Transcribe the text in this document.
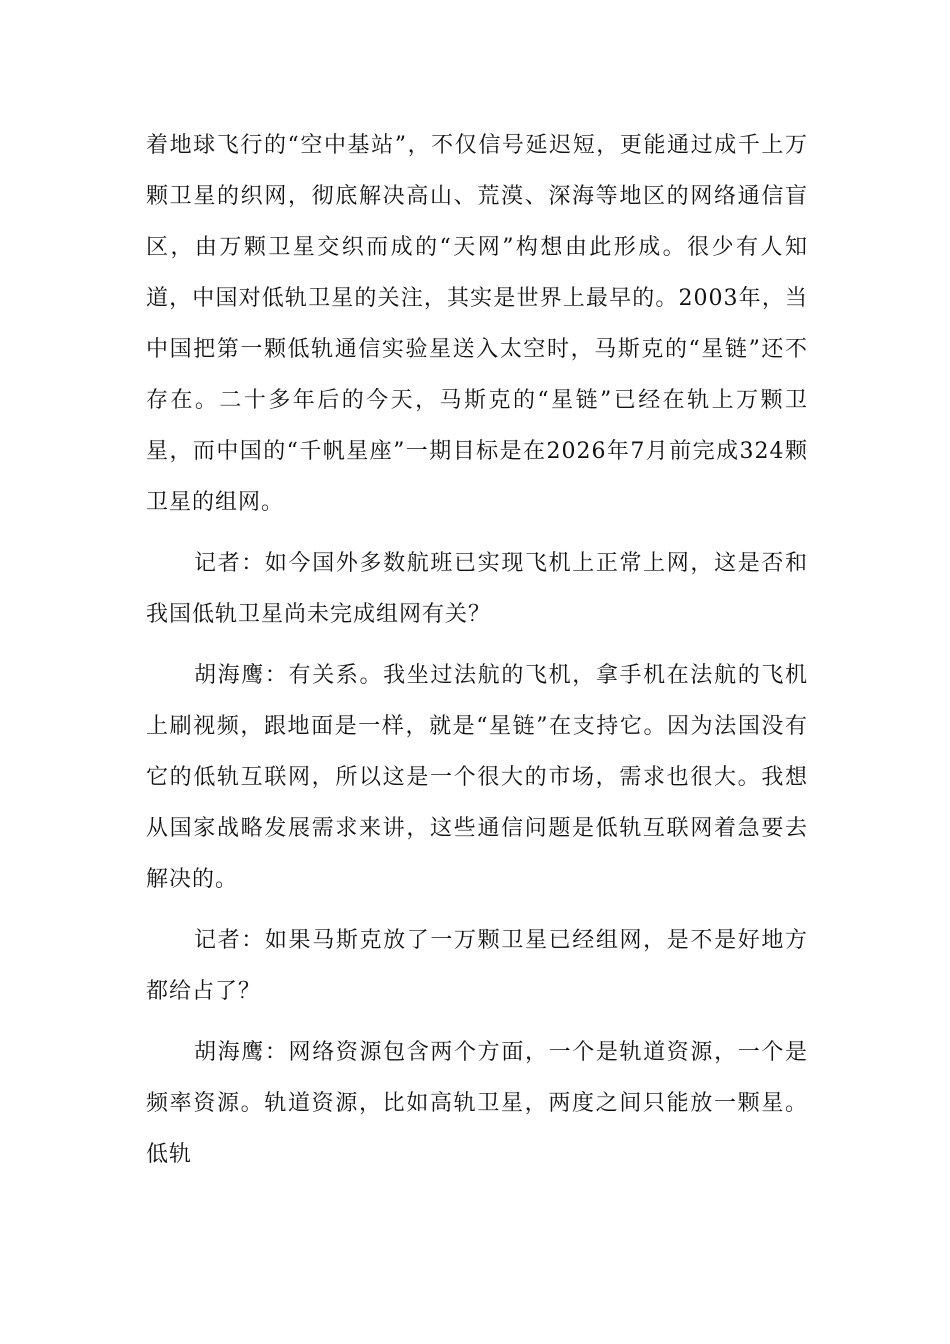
着地球飞行的“空中基站”，不仅信号延迟短，更能通过成千上万颗卫星的织网，彻底解决高山、荒漠、深海等地区的网络通信盲区，由万颗卫星交织而成的“天网”构想由此形成。很少有人知道，中国对低轨卫星的关注，其实是世界上最早的。2003年，当中国把第一颗低轨通信实验星送入太空时，马斯克的“星链”还不存在。二十多年后的今天，马斯克的“星链”已经在轨上万颗卫星，而中国的“千帆星座”一期目标是在2026年7月前完成324颗卫星的组网。

记者：如今国外多数航班已实现飞机上正常上网，这是否和我国低轨卫星尚未完成组网有关？

胡海鹰：有关系。我坐过法航的飞机，拿手机在法航的飞机上刷视频，跟地面是一样，就是“星链”在支持它。因为法国没有它的低轨互联网，所以这是一个很大的市场，需求也很大。我想从国家战略发展需求来讲，这些通信问题是低轨互联网着急要去解决的。

记者：如果马斯克放了一万颗卫星已经组网，是不是好地方都给占了？

胡海鹰：网络资源包含两个方面，一个是轨道资源，一个是频率资源。轨道资源，比如高轨卫星，两度之间只能放一颗星。低轨
